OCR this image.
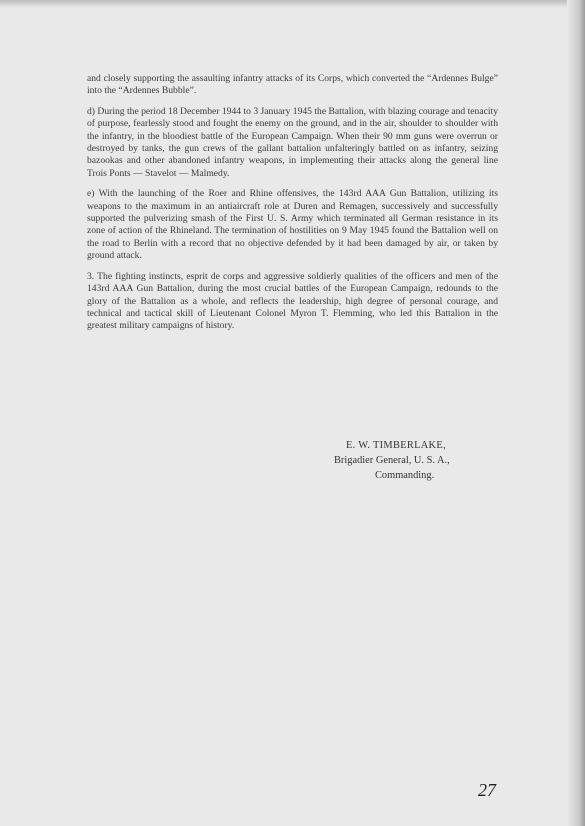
and closely supporting the assaulting infantry attacks of its Corps, which converted the “Ardennes Bulge” into the “Ardennes Bubble”.

d) During the period 18 December 1944 to 3 January 1945 the Battalion, with blazing courage and tenacity of purpose, fearlessly stood and fought the enemy on the ground, and in the air, shoulder to shoulder with the infantry, in the bloodiest battle of the European Campaign. When their 90 mm guns were overrun or destroyed by tanks, the gun crews of the gallant battalion unfalteringly battled on as infantry, seizing bazookas and other abandoned infantry weapons, in implementing their attacks along the general line Trois Ponts — Stavelot — Malmedy.

e) With the launching of the Roer and Rhine offensives, the 143rd AAA Gun Battalion, utilizing its weapons to the maximum in an antiaircraft role at Duren and Remagen, successively and successfully supported the pulverizing smash of the First U. S. Army which terminated all German resistance in its zone of action of the Rhineland. The termination of hostilities on 9 May 1945 found the Battalion well on the road to Berlin with a record that no objective defended by it had been damaged by air, or taken by ground attack.

3. The fighting instincts, esprit de corps and aggressive soldierly qualities of the officers and men of the 143rd AAA Gun Battalion, during the most crucial battles of the European Campaign, redounds to the glory of the Battalion as a whole, and reflects the leadership, high degree of personal courage, and technical and tactical skill of Lieutenant Colonel Myron T. Flemming, who led this Battalion in the greatest military campaigns of history.

E. W. TIMBERLAKE,
Brigadier General, U. S. A.,
Commanding.
27
